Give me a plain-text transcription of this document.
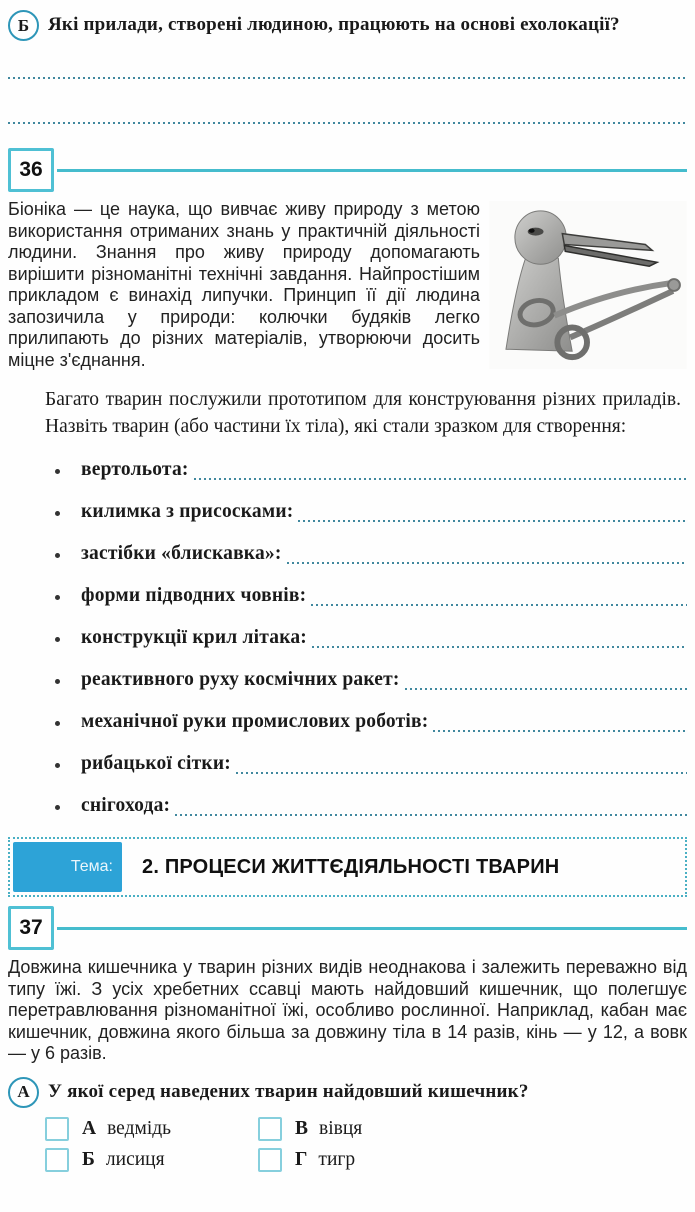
Б Які прилади, створені людиною, працюють на основі ехолокації?
36
Біоніка — це наука, що вивчає живу природу з метою використання отриманих знань у практичній діяльності людини. Знання про живу природу допомагають вирішити різноманітні технічні завдання. Найпростішим прикладом є винахід липучки. Принцип її дії людина запозичила у природи: колючки будяків легко прилипають до різних матеріалів, утворюючи досить міцне з'єднання.
Багато тварин послужили прототипом для конструювання різних приладів. Назвіть тварин (або частини їх тіла), які стали зразком для створення:
вертольота:
килимка з присосками:
застібки «блискавка»:
форми підводних човнів:
конструкції крил літака:
реактивного руху космічних ракет:
механічної руки промислових роботів:
рибацької сітки:
снігохода:
Тема:	2. ПРОЦЕСИ ЖИТТЄДІЯЛЬНОСТІ ТВАРИН
37
Довжина кишечника у тварин різних видів неоднакова і залежить переважно від типу їжі. З усіх хребетних ссавці мають найдовший кишечник, що полегшує перетравлювання різноманітної їжі, особливо рослинної. Наприклад, кабан має кишечник, довжина якого більша за довжину тіла в 14 разів, кінь — у 12, а вовк — у 6 разів.
А У якої серед наведених тварин найдовший кишечник?
А ведмідь
Б лисиця
В вівця
Г тигр
